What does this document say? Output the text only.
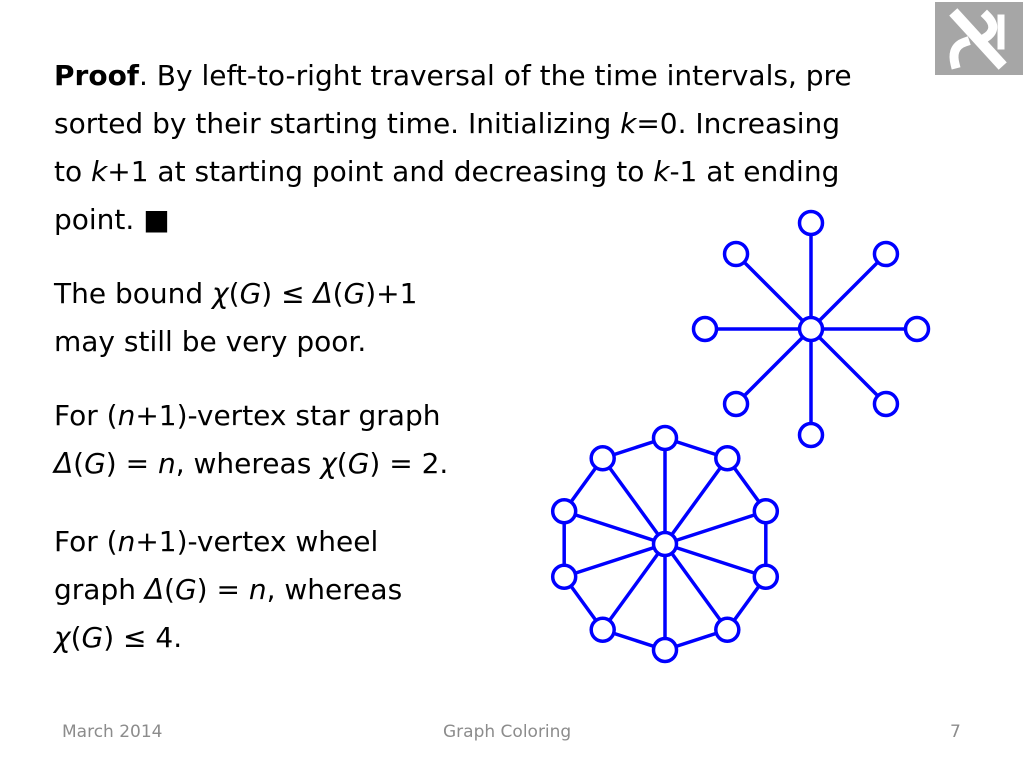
Proof. By left-to-right traversal of the time intervals, pre
sorted by their starting time. Initializing k=0. Increasing
to k+1 at starting point and decreasing to k-1 at ending
point. ■
The bound χ(G) ≤ Δ(G)+1
may still be very poor.
For (n+1)-vertex star graph
Δ(G) = n, whereas χ(G) = 2.
For (n+1)-vertex wheel
graph Δ(G) = n, whereas
χ(G) ≤ 4.
March 2014	Graph Coloring	7
